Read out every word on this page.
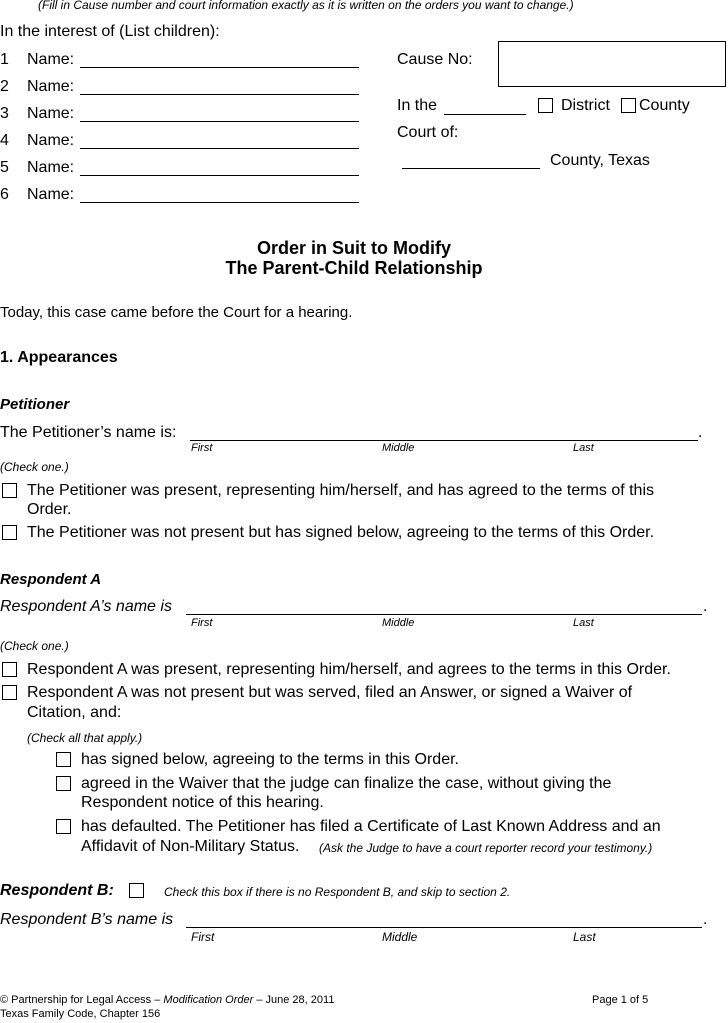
(Fill in Cause number and court information exactly as it is written on the orders you want to change.)
In the interest of (List children):
1 Name:
2 Name:
3 Name:
4 Name:
5 Name:
6 Name:
Cause No:
In the	District County
Court of:
County, Texas
Order in Suit to Modify
The Parent-Child Relationship
Today, this case came before the Court for a hearing.
1. Appearances
Petitioner
The Petitioner’s name is:	.
First	Middle	Last
(Check one.)
The Petitioner was present, representing him/herself, and has agreed to the terms of this
Order.
The Petitioner was not present but has signed below, agreeing to the terms of this Order.
Respondent A
Respondent A’s name is	.
First	Middle	Last
(Check one.)
Respondent A was present, representing him/herself, and agrees to the terms in this Order.
Respondent A was not present but was served, filed an Answer, or signed a Waiver of
Citation, and:
(Check all that apply.)
has signed below, agreeing to the terms in this Order.
agreed in the Waiver that the judge can finalize the case, without giving the
Respondent notice of this hearing.
has defaulted. The Petitioner has filed a Certificate of Last Known Address and an
Affidavit of Non-Military Status. (Ask the Judge to have a court reporter record your testimony.)
Respondent B:	Check this box if there is no Respondent B, and skip to section 2.
Respondent B’s name is	.
First	Middle	Last
© Partnership for Legal Access – Modification Order – June 28, 2011	Page 1 of 5
Texas Family Code, Chapter 156
